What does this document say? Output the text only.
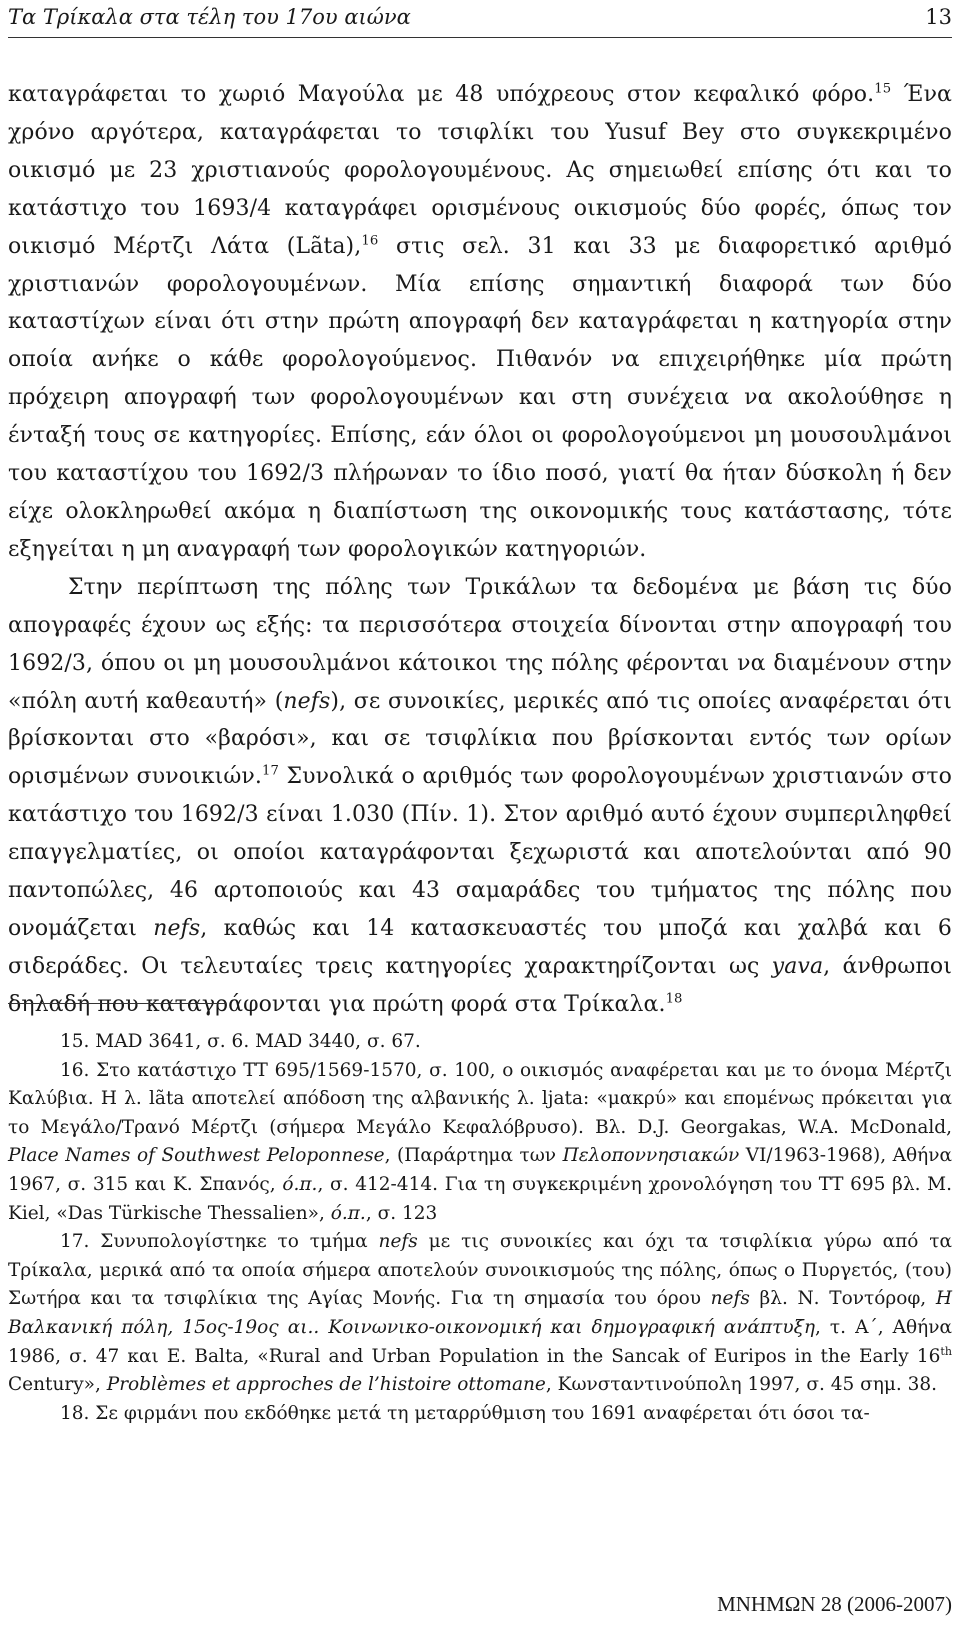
Τα Τρίκαλα στα τέλη του 17ου αιώνα	13

καταγράφεται το χωριό Μαγούλα με 48 υπόχρεους στον κεφαλικό φόρο.$^{15}$ Ένα χρόνο αργότερα, καταγράφεται το τσιφλίκι του Yusuf Bey στο συγκεκριμένο οικισμό με 23 χριστιανούς φορολογουμένους. Ας σημειωθεί επίσης ότι και το κατάστιχο του 1693/4 καταγράφει ορισμένους οικισμούς δύο φορές, όπως τον οικισμό Μέρτζι Λάτα (Lãta),$^{16}$ στις σελ. 31 και 33 με διαφορετικό αριθμό χριστιανών φορολογουμένων. Μία επίσης σημαντική διαφορά των δύο καταστίχων είναι ότι στην πρώτη απογραφή δεν καταγράφεται η κατηγορία στην οποία ανήκε ο κάθε φορολογούμενος. Πιθανόν να επιχειρήθηκε μία πρώτη πρόχειρη απογραφή των φορολογουμένων και στη συνέχεια να ακολούθησε η ένταξή τους σε κατηγορίες. Επίσης, εάν όλοι οι φορολογούμενοι μη μουσουλμάνοι του καταστίχου του 1692/3 πλήρωναν το ίδιο ποσό, γιατί θα ήταν δύσκολη ή δεν είχε ολοκληρωθεί ακόμα η διαπίστωση της οικονομικής τους κατάστασης, τότε εξηγείται η μη αναγραφή των φορολογικών κατηγοριών.

Στην περίπτωση της πόλης των Τρικάλων τα δεδομένα με βάση τις δύο απογραφές έχουν ως εξής: τα περισσότερα στοιχεία δίνονται στην απογραφή του 1692/3, όπου οι μη μουσουλμάνοι κάτοικοι της πόλης φέρονται να διαμένουν στην «πόλη αυτή καθεαυτή» (nefs), σε συνοικίες, μερικές από τις οποίες αναφέρεται ότι βρίσκονται στο «βαρόσι», και σε τσιφλίκια που βρίσκονται εντός των ορίων ορισμένων συνοικιών.$^{17}$ Συνολικά ο αριθμός των φορολογουμένων χριστιανών στο κατάστιχο του 1692/3 είναι 1.030 (Πίν. 1). Στον αριθμό αυτό έχουν συμπεριληφθεί επαγγελματίες, οι οποίοι καταγράφονται ξεχωριστά και αποτελούνται από 90 παντοπώλες, 46 αρτοποιούς και 43 σαμαράδες του τμήματος της πόλης που ονομάζεται nefs, καθώς και 14 κατασκευαστές του μποζά και χαλβά και 6 σιδεράδες. Οι τελευταίες τρεις κατηγορίες χαρακτηρίζονται ως yava, άνθρωποι δηλαδή που καταγράφονται για πρώτη φορά στα Τρίκαλα.$^{18}$

15. MAD 3641, σ. 6. MAD 3440, σ. 67.

16. Στο κατάστιχο ΤΤ 695/1569-1570, σ. 100, ο οικισμός αναφέρεται και με το όνομα Μέρτζι Καλύβια. Η λ. lãta αποτελεί απόδοση της αλβανικής λ. ljata: «μακρύ» και επομένως πρόκειται για το Μεγάλο/Τρανό Μέρτζι (σήμερα Μεγάλο Κεφαλόβρυσο). Βλ. D.J. Georgakas, W.A. McDonald, Place Names of Southwest Peloponnese, (Παράρτημα των Πελοποννησιακών VI/1963-1968), Αθήνα 1967, σ. 315 και Κ. Σπανός, ό.π., σ. 412-414. Για τη συγκεκριμένη χρονολόγηση του ΤΤ 695 βλ. M. Kiel, «Das Türkische Thessalien», ό.π., σ. 123

17. Συνυπολογίστηκε το τμήμα nefs με τις συνοικίες και όχι τα τσιφλίκια γύρω από τα Τρίκαλα, μερικά από τα οποία σήμερα αποτελούν συνοικισμούς της πόλης, όπως ο Πυργετός, (του) Σωτήρα και τα τσιφλίκια της Αγίας Μονής. Για τη σημασία του όρου nefs βλ. Ν. Τοντόροφ, Η Βαλκανική πόλη, 15ος-19ος αι.. Κοινωνικο-οικονομική και δημογραφική ανάπτυξη, τ. Α΄, Αθήνα 1986, σ. 47 και E. Balta, «Rural and Urban Population in the Sancak of Euripos in the Early 16th Century», Problèmes et approches de l’histoire ottomane, Κωνσταντινούπολη 1997, σ. 45 σημ. 38.

18. Σε φιρμάνι που εκδόθηκε μετά τη μεταρρύθμιση του 1691 αναφέρεται ότι όσοι τα-

ΜΝΗΜΩΝ 28 (2006-2007)
